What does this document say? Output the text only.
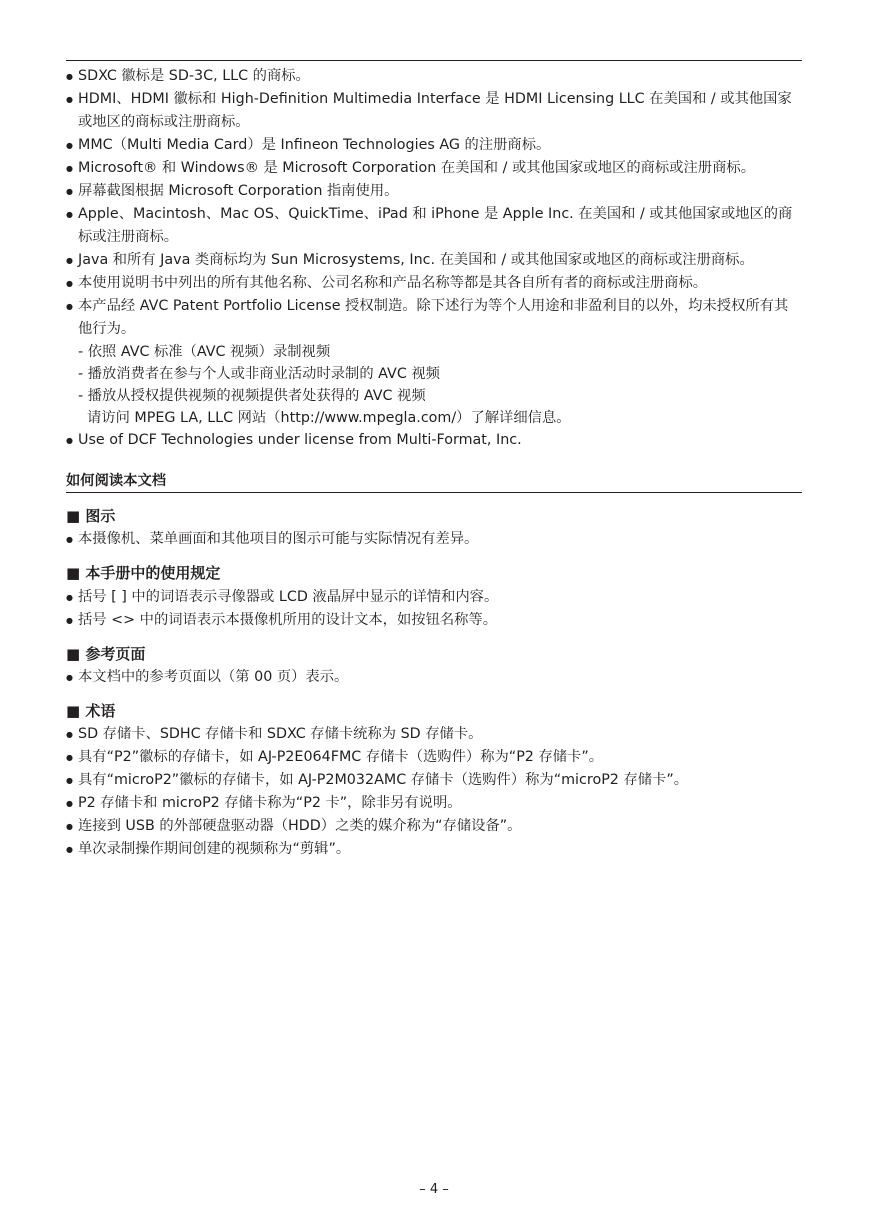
● SDXC 徽标是 SD-3C, LLC 的商标。
● HDMI、HDMI 徽标和 High-Definition Multimedia Interface 是 HDMI Licensing LLC 在美国和 / 或其他国家或地区的商标或注册商标。
● MMC（Multi Media Card）是 Infineon Technologies AG 的注册商标。
● Microsoft® 和 Windows® 是 Microsoft Corporation 在美国和 / 或其他国家或地区的商标或注册商标。
● 屏幕截图根据 Microsoft Corporation 指南使用。
● Apple、Macintosh、Mac OS、QuickTime、iPad 和 iPhone 是 Apple Inc. 在美国和 / 或其他国家或地区的商标或注册商标。
● Java 和所有 Java 类商标均为 Sun Microsystems, Inc. 在美国和 / 或其他国家或地区的商标或注册商标。
● 本使用说明书中列出的所有其他名称、公司名称和产品名称等都是其各自所有者的商标或注册商标。
● 本产品经 AVC Patent Portfolio License 授权制造。除下述行为等个人用途和非盈利目的以外，均未授权所有其他行为。
- 依照 AVC 标准（AVC 视频）录制视频
- 播放消费者在参与个人或非商业活动时录制的 AVC 视频
- 播放从授权提供视频的视频提供者处获得的 AVC 视频
请访问 MPEG LA, LLC 网站（http://www.mpegla.com/）了解详细信息。
● Use of DCF Technologies under license from Multi-Format, Inc.
如何阅读本文档
■ 图示
● 本摄像机、菜单画面和其他项目的图示可能与实际情况有差异。
■ 本手册中的使用规定
● 括号 [ ] 中的词语表示寻像器或 LCD 液晶屏中显示的详情和内容。
● 括号 <> 中的词语表示本摄像机所用的设计文本，如按钮名称等。
■ 参考页面
● 本文档中的参考页面以（第 00 页）表示。
■ 术语
● SD 存储卡、SDHC 存储卡和 SDXC 存储卡统称为 SD 存储卡。
● 具有“P2”徽标的存储卡，如 AJ-P2E064FMC 存储卡（选购件）称为“P2 存储卡”。
● 具有“microP2”徽标的存储卡，如 AJ-P2M032AMC 存储卡（选购件）称为“microP2 存储卡”。
● P2 存储卡和 microP2 存储卡称为“P2 卡”，除非另有说明。
● 连接到 USB 的外部硬盘驱动器（HDD）之类的媒介称为“存储设备”。
● 单次录制操作期间创建的视频称为“剪辑”。
– 4 –
